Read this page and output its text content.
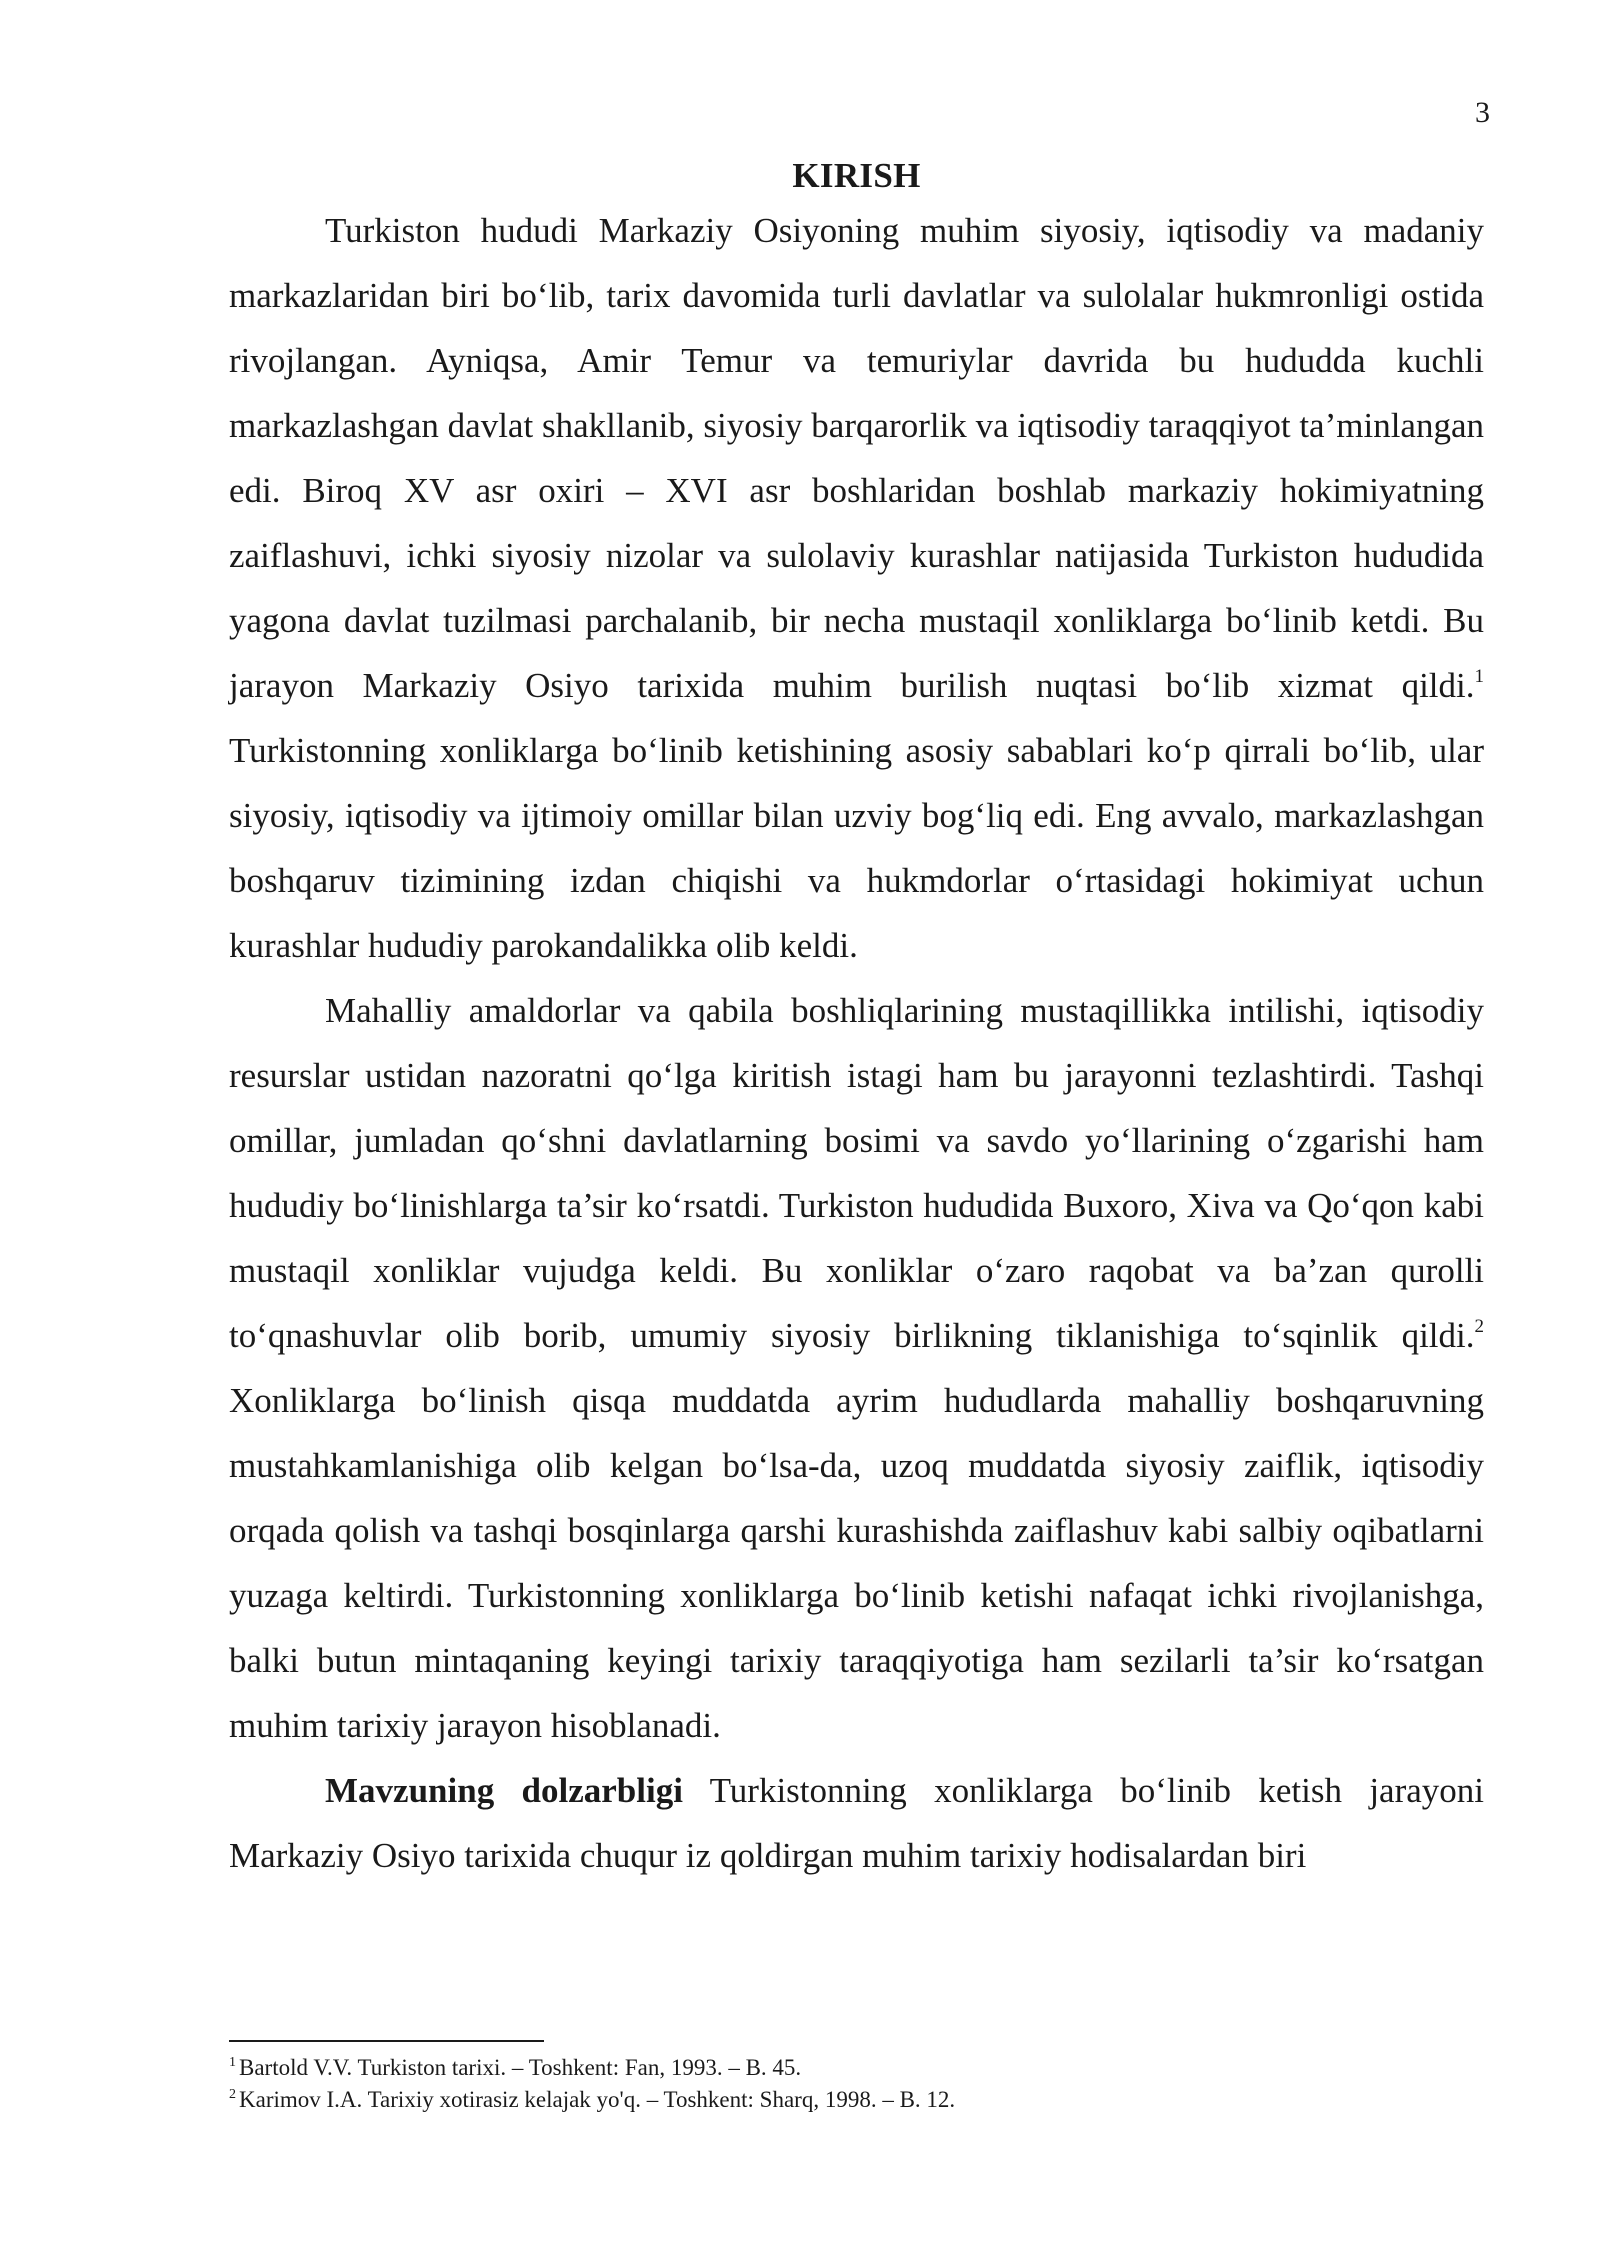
3
KIRISH

Turkiston hududi Markaziy Osiyoning muhim siyosiy, iqtisodiy va madaniy markazlaridan biri bo‘lib, tarix davomida turli davlatlar va sulolalar hukmronligi ostida rivojlangan. Ayniqsa, Amir Temur va temuriylar davrida bu hududda kuchli markazlashgan davlat shakllanib, siyosiy barqarorlik va iqtisodiy taraqqiyot ta’minlangan edi. Biroq XV asr oxiri – XVI asr boshlaridan boshlab markaziy hokimiyatning zaiflashuvi, ichki siyosiy nizolar va sulolaviy kurashlar natijasida Turkiston hududida yagona davlat tuzilmasi parchalanib, bir necha mustaqil xonliklarga bo‘linib ketdi. Bu jarayon Markaziy Osiyo tarixida muhim burilish nuqtasi bo‘lib xizmat qildi.$^1$ Turkistonning xonliklarga bo‘linib ketishining asosiy sabablari ko‘p qirrali bo‘lib, ular siyosiy, iqtisodiy va ijtimoiy omillar bilan uzviy bog‘liq edi. Eng avvalo, markazlashgan boshqaruv tizimining izdan chiqishi va hukmdorlar o‘rtasidagi hokimiyat uchun kurashlar hududiy parokandalikka olib keldi.

Mahalliy amaldorlar va qabila boshliqlarining mustaqillikka intilishi, iqtisodiy resurslar ustidan nazoratni qo‘lga kiritish istagi ham bu jarayonni tezlashtirdi. Tashqi omillar, jumladan qo‘shni davlatlarning bosimi va savdo yo‘llarining o‘zgarishi ham hududiy bo‘linishlarga ta’sir ko‘rsatdi. Turkiston hududida Buxoro, Xiva va Qo‘qon kabi mustaqil xonliklar vujudga keldi. Bu xonliklar o‘zaro raqobat va ba’zan qurolli to‘qnashuvlar olib borib, umumiy siyosiy birlikning tiklanishiga to‘sqinlik qildi.$^2$ Xonliklarga bo‘linish qisqa muddatda ayrim hududlarda mahalliy boshqaruvning mustahkamlanishiga olib kelgan bo‘lsa-da, uzoq muddatda siyosiy zaiflik, iqtisodiy orqada qolish va tashqi bosqinlarga qarshi kurashishda zaiflashuv kabi salbiy oqibatlarni yuzaga keltirdi. Turkistonning xonliklarga bo‘linib ketishi nafaqat ichki rivojlanishga, balki butun mintaqaning keyingi tarixiy taraqqiyotiga ham sezilarli ta’sir ko‘rsatgan muhim tarixiy jarayon hisoblanadi.

Mavzuning dolzarbligi Turkistonning xonliklarga bo‘linib ketish jarayoni Markaziy Osiyo tarixida chuqur iz qoldirgan muhim tarixiy hodisalardan biri

$^1$ Bartold V.V. Turkiston tarixi. – Toshkent: Fan, 1993. – B. 45.
$^2$ Karimov I.A. Tarixiy xotirasiz kelajak yo'q. – Toshkent: Sharq, 1998. – B. 12.
